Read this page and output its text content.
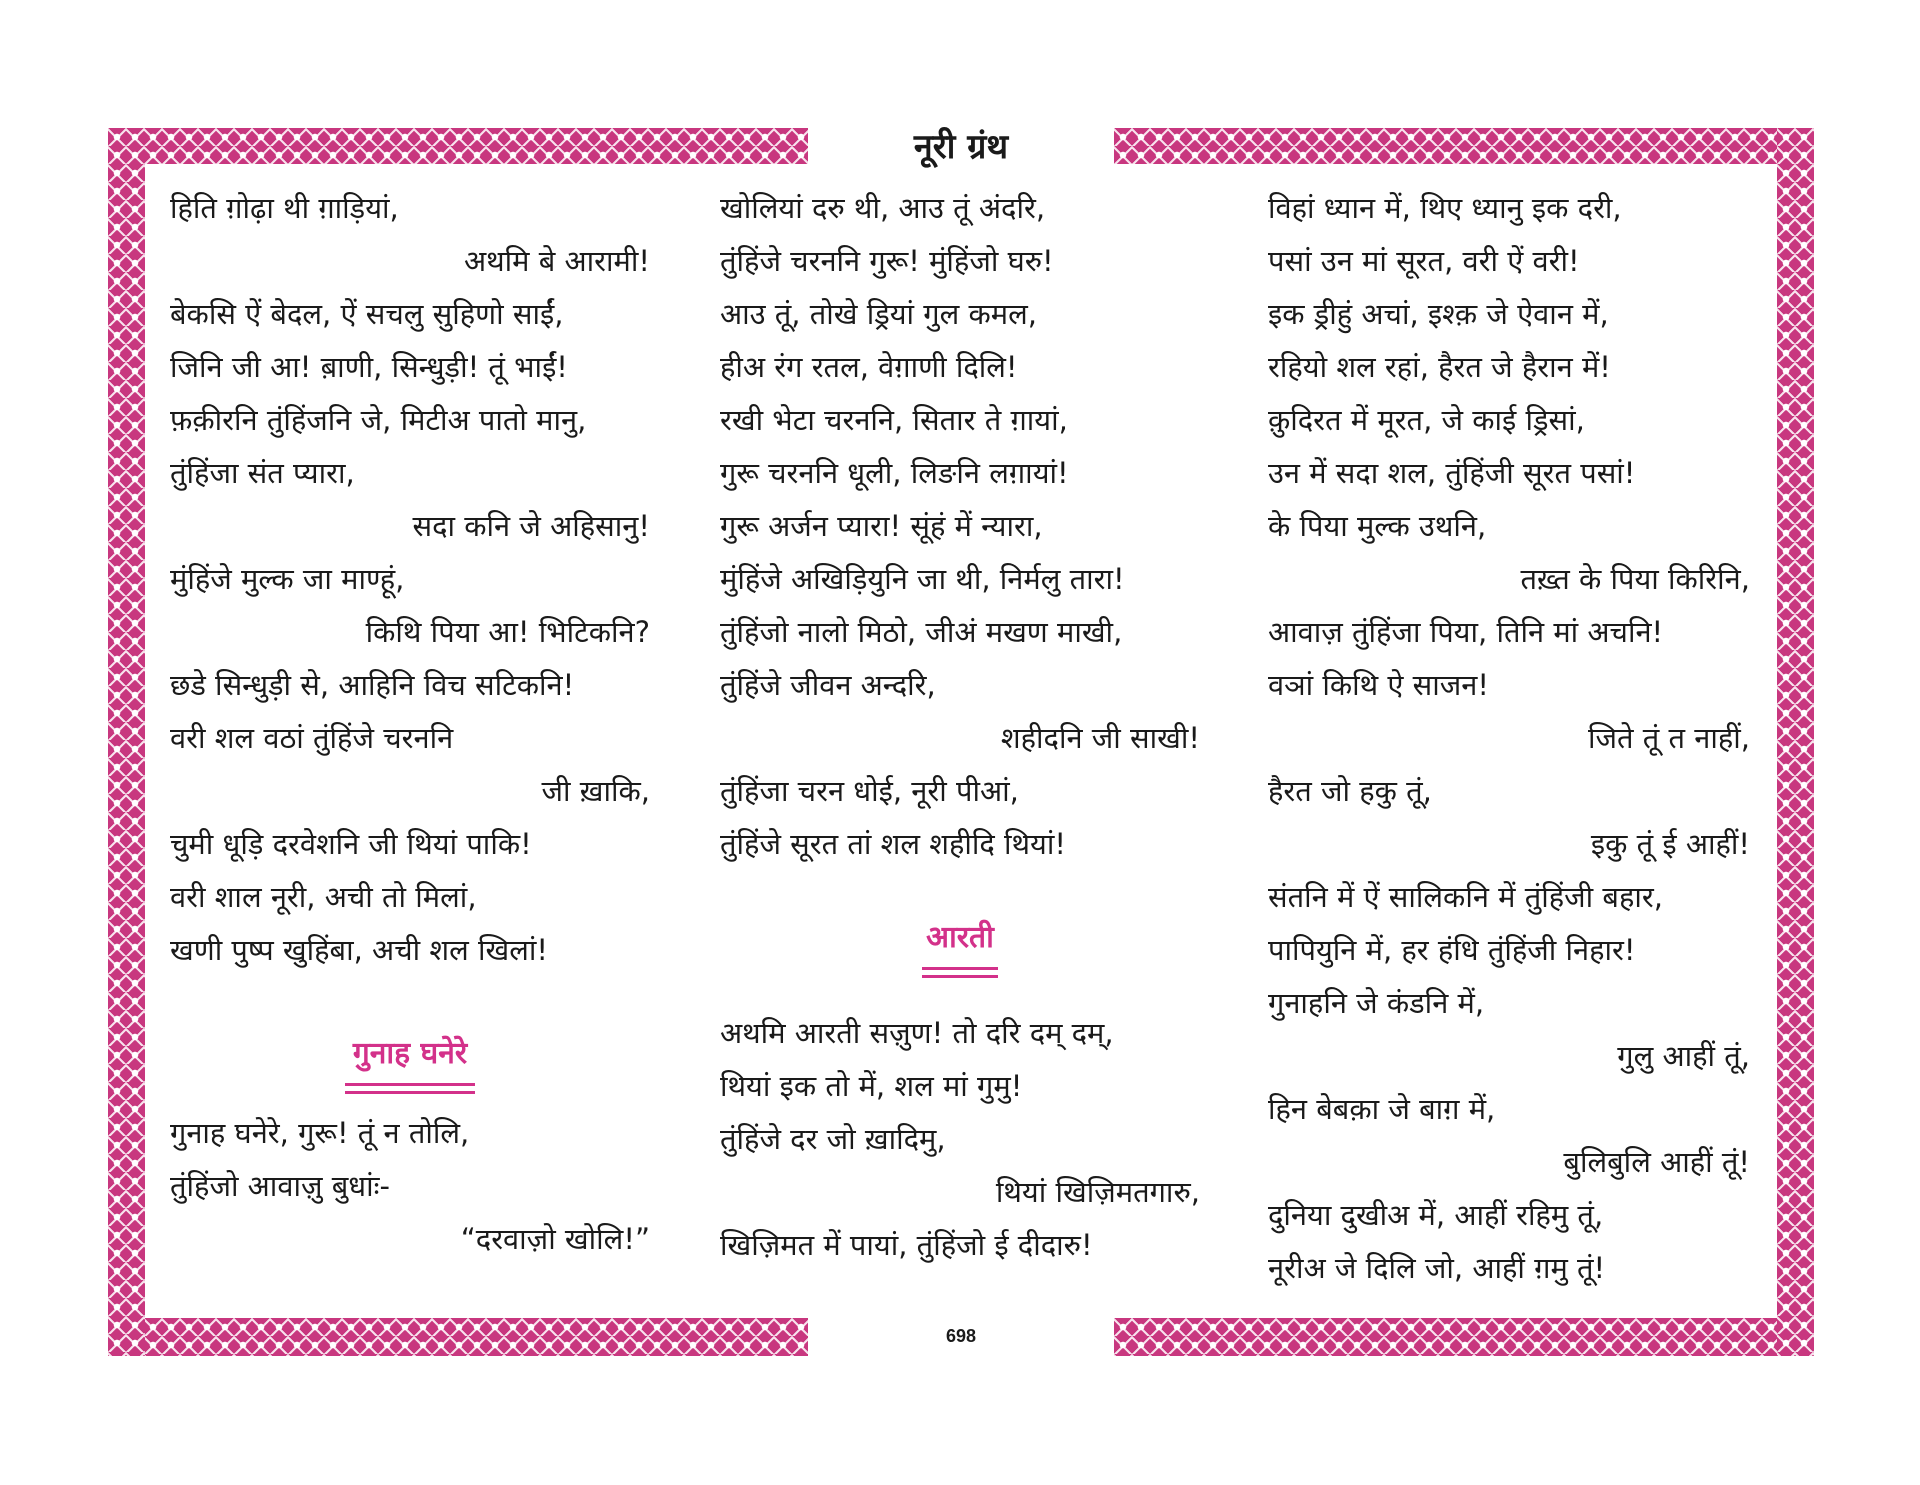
नूरी ग्रंथ
698
हिति ग़ोढ़ा थी ग़ाड़ियां,
अथमि बे आरामी!
बेकसि ऐं बेदल, ऐं सचलु सुहिणो साईं,
जिनि जी आ! ब़ाणी, सिन्धुड़ी! तूं भाईं!
फ़क़ीरनि तुंहिंजनि जे, मिटीअ पातो मानु,
तुंहिंजा संत प्यारा,
सदा कनि जे अहिसानु!
मुंहिंजे मुल्क जा माण्हूं,
किथि पिया आ! भिटिकनि?
छडे सिन्धुड़ी से, आहिनि विच सटिकनि!
वरी शल वठां तुंहिंजे चरननि
जी ख़ाकि,
चुमी धूड़ि दरवेशनि जी थियां पाकि!
वरी शाल नूरी, अची तो मिलां,
खणी पुष्प खुहिंबा, अची शल खिलां!
गुनाह घनेरे
गुनाह घनेरे, गुरू! तूं न तोलि,
तुंहिंजो आवाज़ु बुधांः-
“दरवाज़ो खोलि!”
खोलियां दरु थी, आउ तूं अंदरि,
तुंहिंजे चरननि गुरू! मुंहिंजो घरु!
आउ तूं, तोखे ड्रियां गुल कमल,
हीअ रंग रतल, वेग़ाणी दिलि!
रखी भेटा चरननि, सितार ते ग़ायां,
गुरू चरननि धूली, लिङनि लग़ायां!
गुरू अर्जन प्यारा! सूंहं में न्यारा,
मुंहिंजे अखिड़ियुनि जा थी, निर्मलु तारा!
तुंहिंजो नालो मिठो, जीअं मखण माखी,
तुंहिंजे जीवन अन्दरि,
शहीदनि जी साखी!
तुंहिंजा चरन धोई, नूरी पीआं,
तुंहिंजे सूरत तां शल शहीदि थियां!
आरती
अथमि आरती सज़ुण! तो दरि दम् दम्,
थियां इक तो में, शल मां गुमु!
तुंहिंजे दर जो ख़ादिमु,
थियां खिज़िमतगारु,
खिज़िमत में पायां, तुंहिंजो ई दीदारु!
विहां ध्यान में, थिए ध्यानु इक दरी,
पसां उन मां सूरत, वरी ऐं वरी!
इक ड्रीहुं अचां, इश्क़ जे ऐवान में,
रहियो शल रहां, हैरत जे हैरान में!
क़ुदिरत में मूरत, जे काई ड्रिसां,
उन में सदा शल, तुंहिंजी सूरत पसां!
के पिया मुल्क उथनि,
तख़्त के पिया किरिनि,
आवाज़ तुंहिंजा पिया, तिनि मां अचनि!
वञां किथि ऐ साजन!
जिते तूं त नाहीं,
हैरत जो हकु तूं,
इकु तूं ई आहीं!
संतनि में ऐं सालिकनि में तुंहिंजी बहार,
पापियुनि में, हर हंधि तुंहिंजी निहार!
गुनाहनि जे कंडनि में,
गुलु आहीं तूं,
हिन बेबक़ा जे बाग़ में,
बुलिबुलि आहीं तूं!
दुनिया दुखीअ में, आहीं रहिमु तूं,
नूरीअ जे दिलि जो, आहीं ग़मु तूं!
